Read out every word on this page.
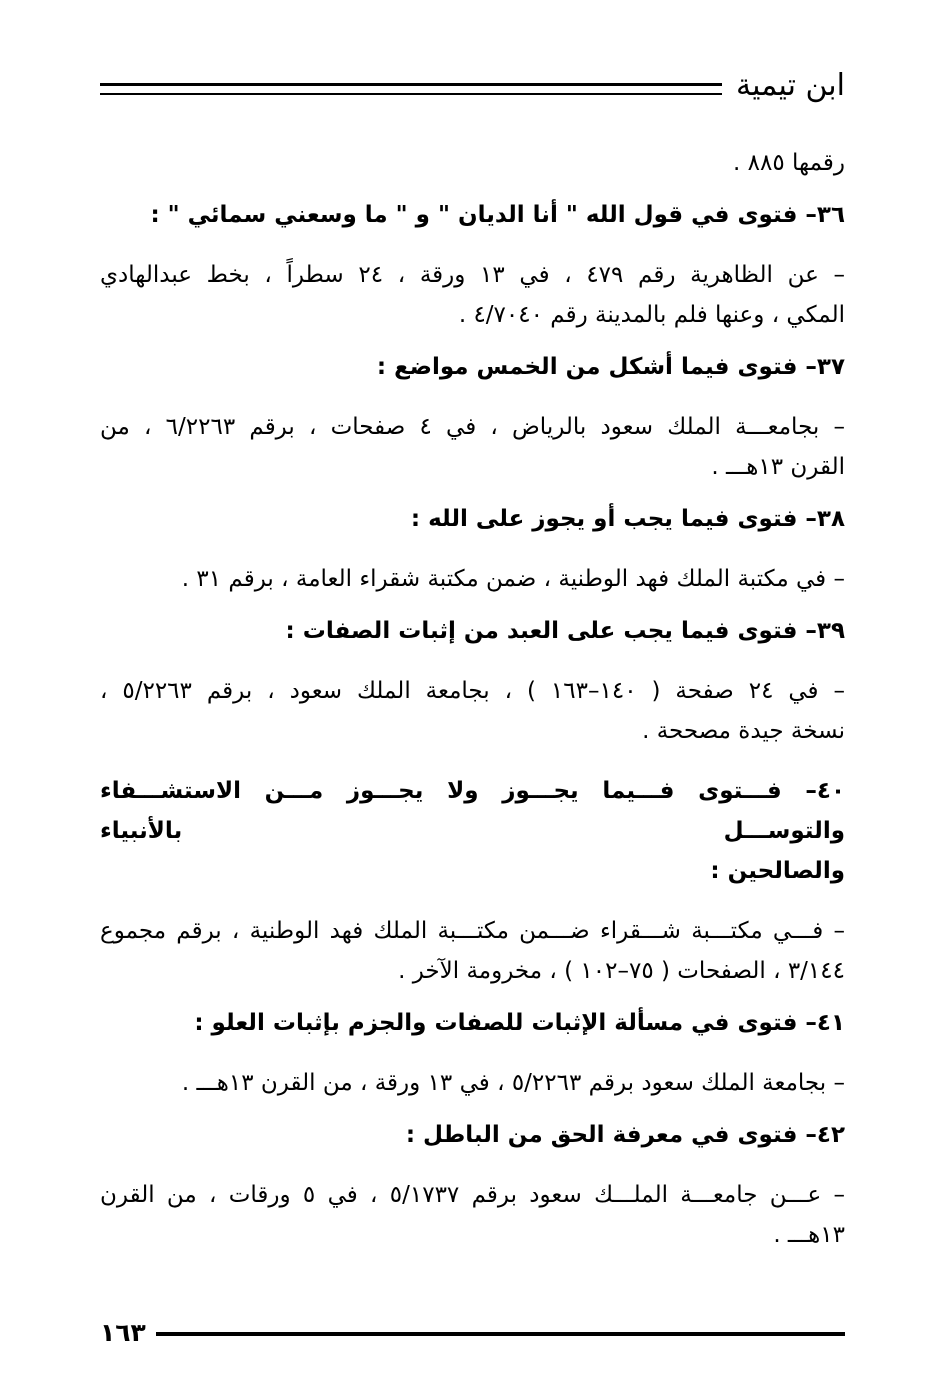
ابن تيمية
رقمها ٨٨٥ .
٣٦– فتوى في قول الله " أنا الديان " و " ما وسعني سمائي " :
– عن الظاهرية رقم ٤٧٩ ، في ١٣ ورقة ، ٢٤ سطراً ، بخط عبدالهادي
المكي ، وعنها فلم بالمدينة رقم ٤/٧٠٤٠ .
٣٧– فتوى فيما أشكل من الخمس مواضع :
– بجامعـــة الملك سعود بالرياض ، في ٤ صفحات ، برقم ٦/٢٢٦٣ ، من
القرن ١٣هـــ .
٣٨– فتوى فيما يجب أو يجوز على الله :
– في مكتبة الملك فهد الوطنية ، ضمن مكتبة شقراء العامة ، برقم ٣١ .
٣٩– فتوى فيما يجب على العبد من إثبات الصفات :
– في ٢٤ صفحة ( ١٤٠–١٦٣ ) ، بجامعة الملك سعود ، برقم ٥/٢٢٦٣ ،
نسخة جيدة مصححة .
٤٠– فـــتوى فـــيما يجـــوز ولا يجـــوز مـــن الاستشـــفاء والتوســـل بالأنبياء
والصالحين :
– فـــي مكتـــبة شـــقراء ضـــمن مكتـــبة الملك فهد الوطنية ، برقم مجموع
٣/١٤٤ ، الصفحات ( ٧٥–١٠٢ ) ، مخرومة الآخر .
٤١– فتوى في مسألة الإثبات للصفات والجزم بإثبات العلو :
– بجامعة الملك سعود برقم ٥/٢٢٦٣ ، في ١٣ ورقة ، من القرن ١٣هـــ .
٤٢– فتوى في معرفة الحق من الباطل :
– عـــن جامعـــة الملـــك سعود برقم ٥/١٧٣٧ ، في ٥ ورقات ، من القرن
١٣هـــ .
١٦٣
